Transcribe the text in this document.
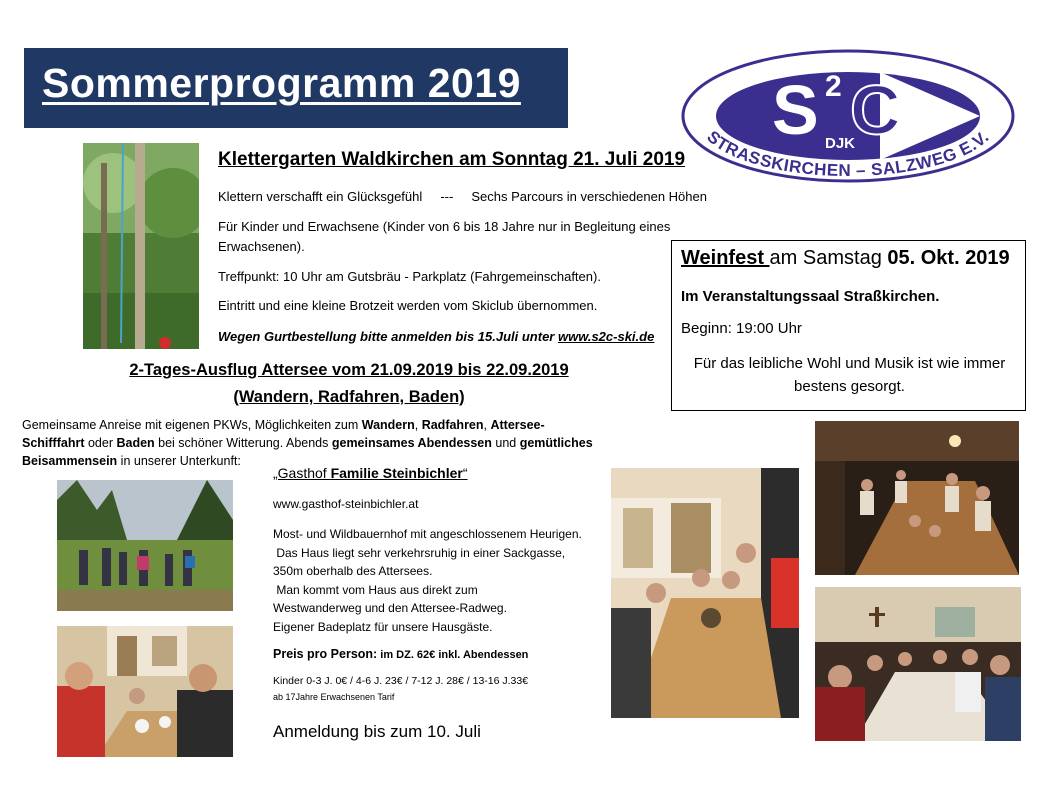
Sommerprogramm 2019	S 2 C
DJK
STRASSKIRCHEN – SALZWEG E.V.
Klettergarten Waldkirchen am Sonntag 21. Juli 2019
Klettern verschafft ein Glücksgefühl --- Sechs Parcours in verschiedenen Höhen
Für Kinder und Erwachsene (Kinder von 6 bis 18 Jahre nur in Begleitung eines
Erwachsenen).
Treffpunkt: 10 Uhr am Gutsbräu - Parkplatz (Fahrgemeinschaften).
Eintritt und eine kleine Brotzeit werden vom Skiclub übernommen.
Wegen Gurtbestellung bitte anmelden bis 15.Juli unter www.s2c-ski.de
Weinfest am Samstag 05. Okt. 2019
Im Veranstaltungssaal Straßkirchen.
Beginn: 19:00 Uhr
Für das leibliche Wohl und Musik ist wie immer
bestens gesorgt.
2-Tages-Ausflug Attersee vom 21.09.2019 bis 22.09.2019
(Wandern, Radfahren, Baden)
Gemeinsame Anreise mit eigenen PKWs, Möglichkeiten zum Wandern, Radfahren, Attersee-
Schifffahrt oder Baden bei schöner Witterung. Abends gemeinsames Abendessen und gemütliches
Beisammensein in unserer Unterkunft:
„Gasthof Familie Steinbichler“
www.gasthof-steinbichler.at
Most- und Wildbauernhof mit angeschlossenem Heurigen.
Das Haus liegt sehr verkehrsruhig in einer Sackgasse,
350m oberhalb des Attersees.
Man kommt vom Haus aus direkt zum
Westwanderweg und den Attersee-Radweg.
Eigener Badeplatz für unsere Hausgäste.
Preis pro Person: im DZ. 62€ inkl. Abendessen
Kinder 0-3 J. 0€ / 4-6 J. 23€ / 7-12 J. 28€ / 13-16 J.33€
ab 17Jahre Erwachsenen Tarif
Anmeldung bis zum 10. Juli
